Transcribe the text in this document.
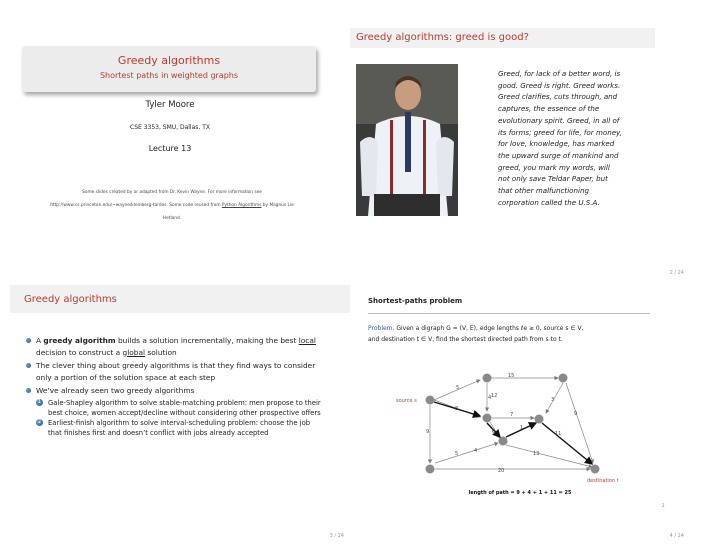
Greedy algorithms
Shortest paths in weighted graphs
Tyler Moore
CSE 3353, SMU, Dallas, TX
Lecture 13
Some slides created by or adapted from Dr. Kevin Wayne. For more information see
http://www.cs.princeton.edu/~wayne/kleinberg-tardos. Some code reused from Python Algorithms by Magnus Lie
Hetland.
Greedy algorithms: greed is good?
Greed, for lack of a better word, is good. Greed is right. Greed works. Greed clarifies, cuts through, and captures, the essence of the evolutionary spirit. Greed, in all of its forms; greed for life, for money, for love, knowledge, has marked the upward surge of mankind and greed, you mark my words, will not only save Teldar Paper, but that other malfunctioning corporation called the U.S.A.
2 / 24
Greedy algorithms
A greedy algorithm builds a solution incrementally, making the best local decision to construct a global solution
The clever thing about greedy algorithms is that they find ways to consider only a portion of the solution space at each step
We’ve already seen two greedy algorithms
1 Gale-Shapley algorithm to solve stable-matching problem: men propose to their best choice, women accept/decline without considering other prospective offers
2 Earliest-finish algorithm to solve interval-scheduling problem: choose the job that finishes first and doesn’t conflict with jobs already accepted
3 / 24
Shortest-paths problem
Problem. Given a digraph G = (V, E), edge lengths ℓe ≥ 0, source s ∈ V,
and destination t ∈ V, find the shortest directed path from s to t.
5
15
8
4
7
12
9
5
20
3
9
13
6	11
1
4
source s
destination t
length of path = 9 + 4 + 1 + 11 = 25
2
4 / 24
